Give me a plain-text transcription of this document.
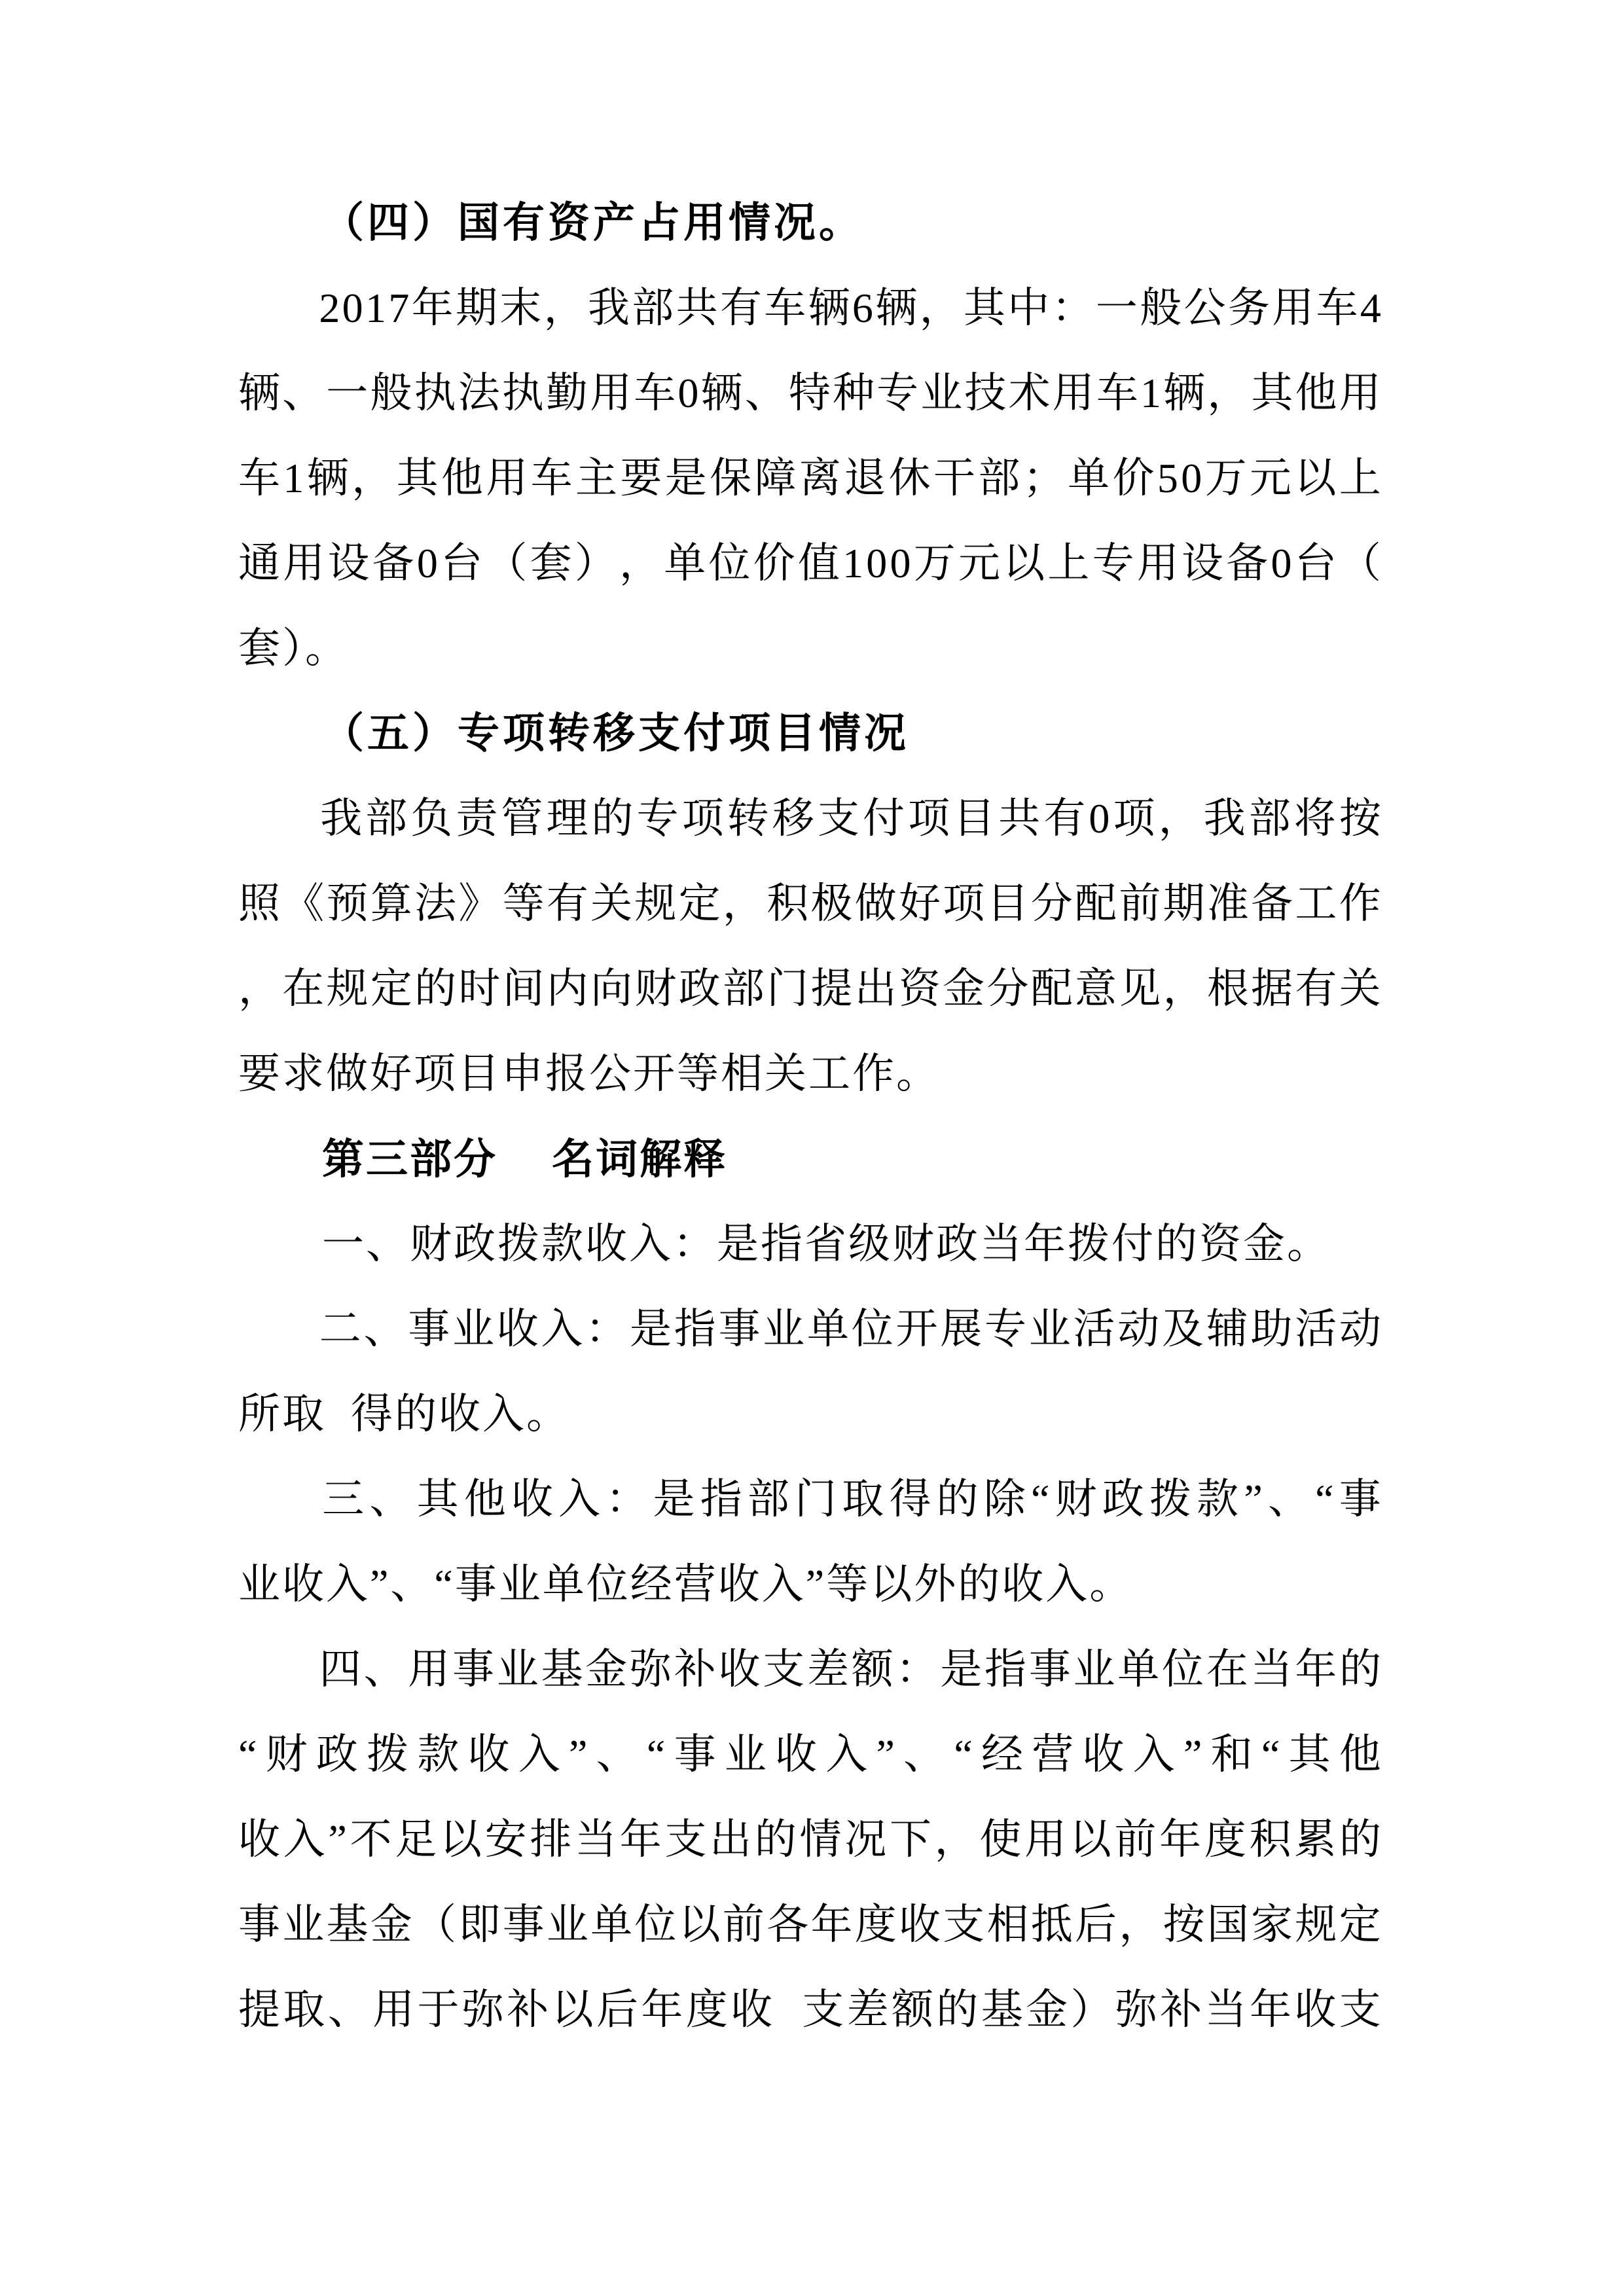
（四）国有资产占用情况。
2 0 1 7 年 期 末 ， 我 部 共 有 车 辆 6 辆 ， 其 中 ： 一 般 公 务 用 车 4
辆 、 一 般 执 法 执 勤 用 车 0 辆 、 特 种 专 业 技 术 用 车 1 辆 ， 其 他 用
车 1 辆 ， 其 他 用 车 主 要 是 保 障 离 退 休 干 部 ； 单 价 5 0 万 元 以 上
通 用 设 备 0 台 （ 套 ） ， 单 位 价 值 1 0 0 万 元 以 上 专 用 设 备 0 台 （
套）。
（五）专项转移支付项目情况
我 部 负 责 管 理 的 专 项 转 移 支 付 项 目 共 有 0 项 ， 我 部 将 按
照 《 预 算 法 》 等 有 关 规 定 ， 积 极 做 好 项 目 分 配 前 期 准 备 工 作
， 在 规 定 的 时 间 内 向 财 政 部 门 提 出 资 金 分 配 意 见 ， 根 据 有 关
要求做好项目申报公开等相关工作。
第三部分    名词解释
一、财政拨款收入：是指省级财政当年拨付的资金。
二 、 事 业 收 入 ： 是 指 事 业 单 位 开 展 专 业 活 动 及 辅 助 活 动
所取  得的收入。
三 、 其 他 收 入 ： 是 指 部 门 取 得 的 除 “ 财 政 拨 款 ” 、 “ 事
业收入”、“事业单位经营收入”等以外的收入。
四 、 用 事 业 基 金 弥 补 收 支 差 额 ： 是 指 事 业 单 位 在 当 年 的
“ 财 政 拨 款 收 入 ” 、 “ 事 业 收 入 ” 、 “ 经 营 收 入 ” 和 “ 其 他
收 入 ” 不 足 以 安 排 当 年 支 出 的 情 况 下 ， 使 用 以 前 年 度 积 累 的
事 业 基 金 （ 即 事 业 单 位 以 前 各 年 度 收 支 相 抵 后 ， 按 国 家 规 定
提 取 、 用 于 弥 补 以 后 年 度 收

支 差 额 的 基 金 ） 弥 补 当 年 收 支
